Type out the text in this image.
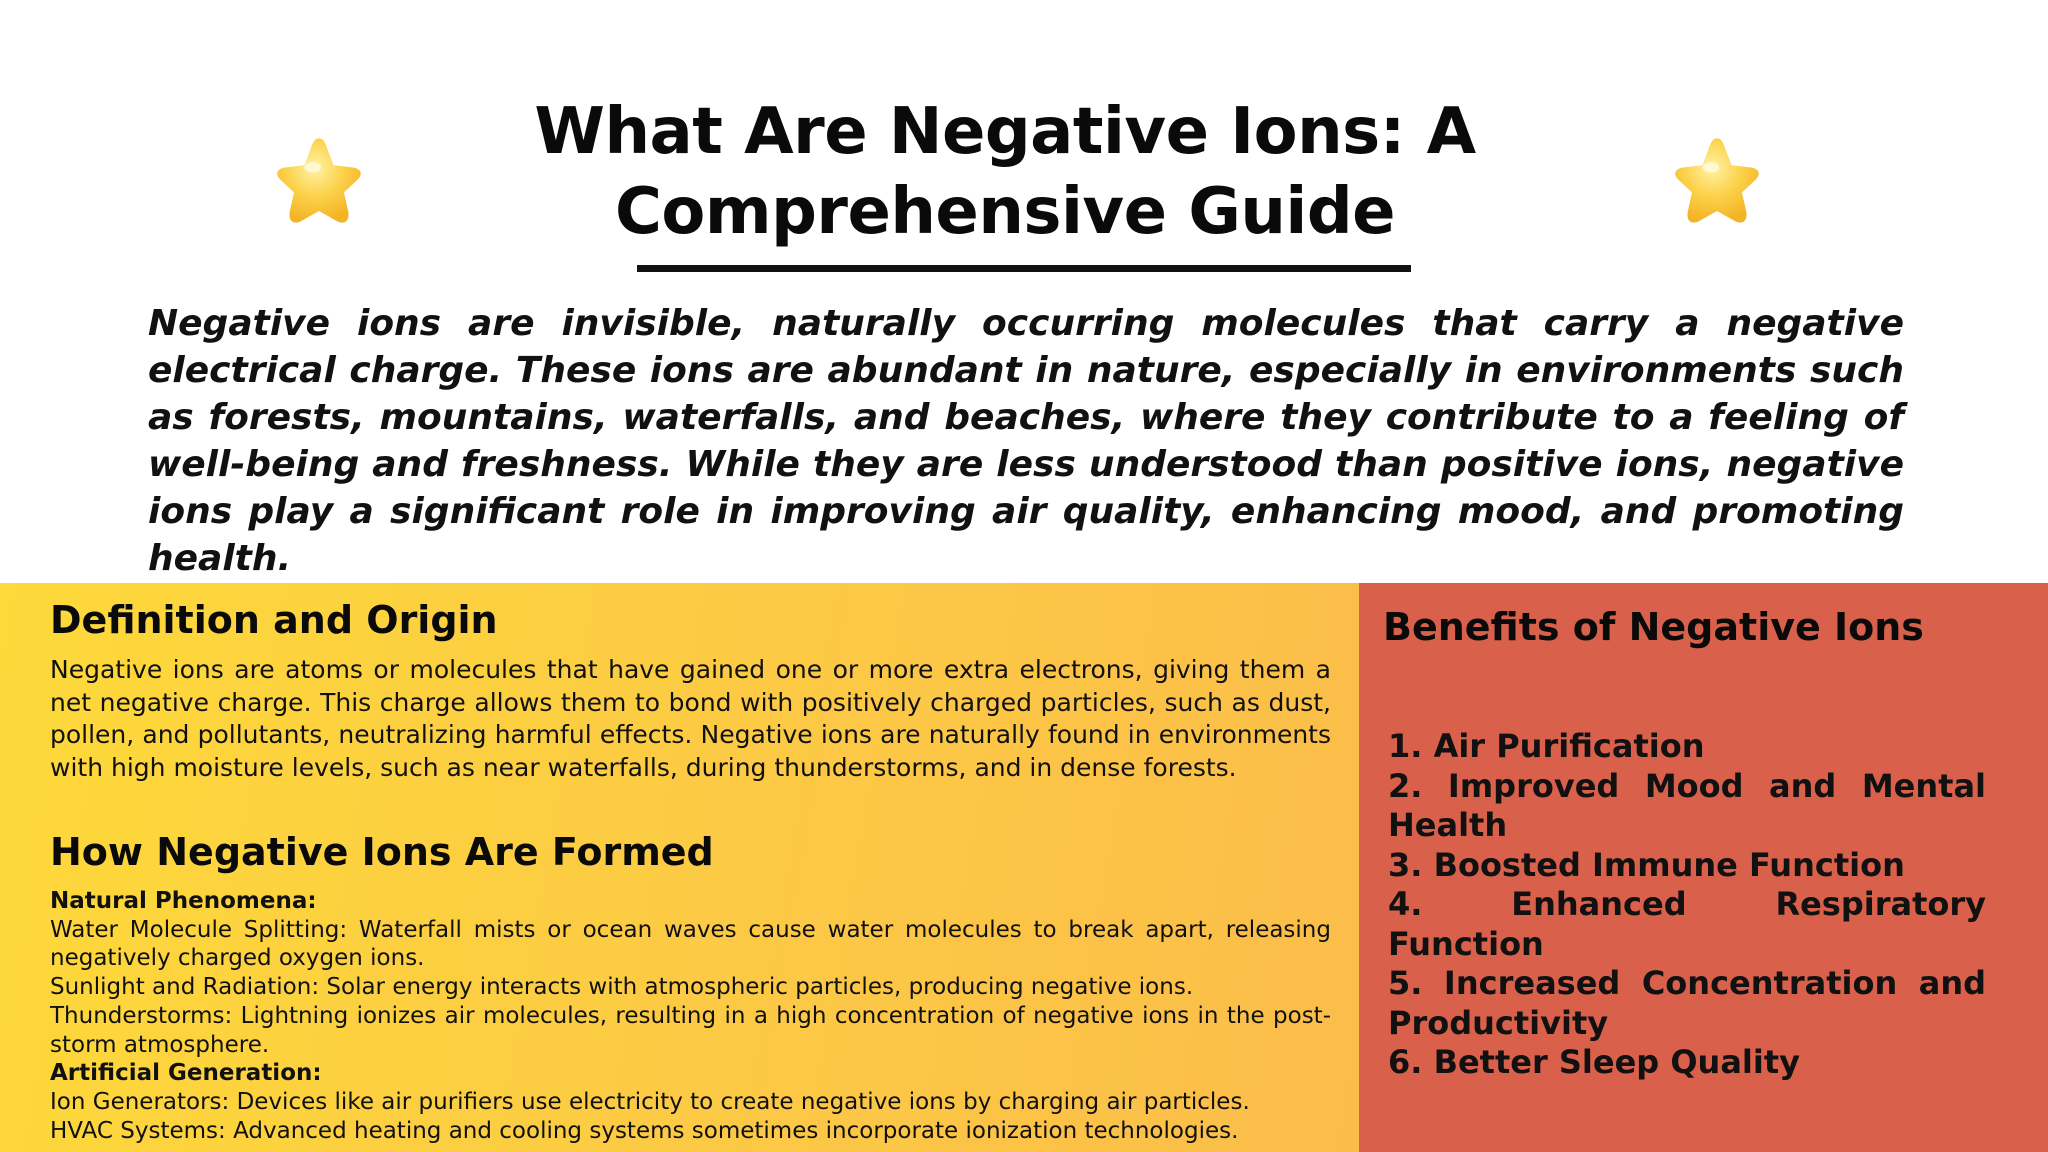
What Are Negative Ions: A
Comprehensive Guide

Negative ions are invisible, naturally occurring molecules that carry a negative electrical charge. These ions are abundant in nature, especially in environments such as forests, mountains, waterfalls, and beaches, where they contribute to a feeling of well-being and freshness. While they are less understood than positive ions, negative ions play a significant role in improving air quality, enhancing mood, and promoting health.

Definition and Origin

Negative ions are atoms or molecules that have gained one or more extra electrons, giving them a net negative charge. This charge allows them to bond with positively charged particles, such as dust, pollen, and pollutants, neutralizing harmful effects. Negative ions are naturally found in environments with high moisture levels, such as near waterfalls, during thunderstorms, and in dense forests.

How Negative Ions Are Formed
Natural Phenomena:
Water Molecule Splitting: Waterfall mists or ocean waves cause water molecules to break apart, releasing negatively charged oxygen ions.
Sunlight and Radiation: Solar energy interacts with atmospheric particles, producing negative ions.
Thunderstorms: Lightning ionizes air molecules, resulting in a high concentration of negative ions in the post-storm atmosphere.
Artificial Generation:
Ion Generators: Devices like air purifiers use electricity to create negative ions by charging air particles.
HVAC Systems: Advanced heating and cooling systems sometimes incorporate ionization technologies.
Benefits of Negative Ions
1. Air Purification
2. Improved Mood and Mental Health
3. Boosted Immune Function
4. Enhanced Respiratory Function
5. Increased Concentration and Productivity
6. Better Sleep Quality
